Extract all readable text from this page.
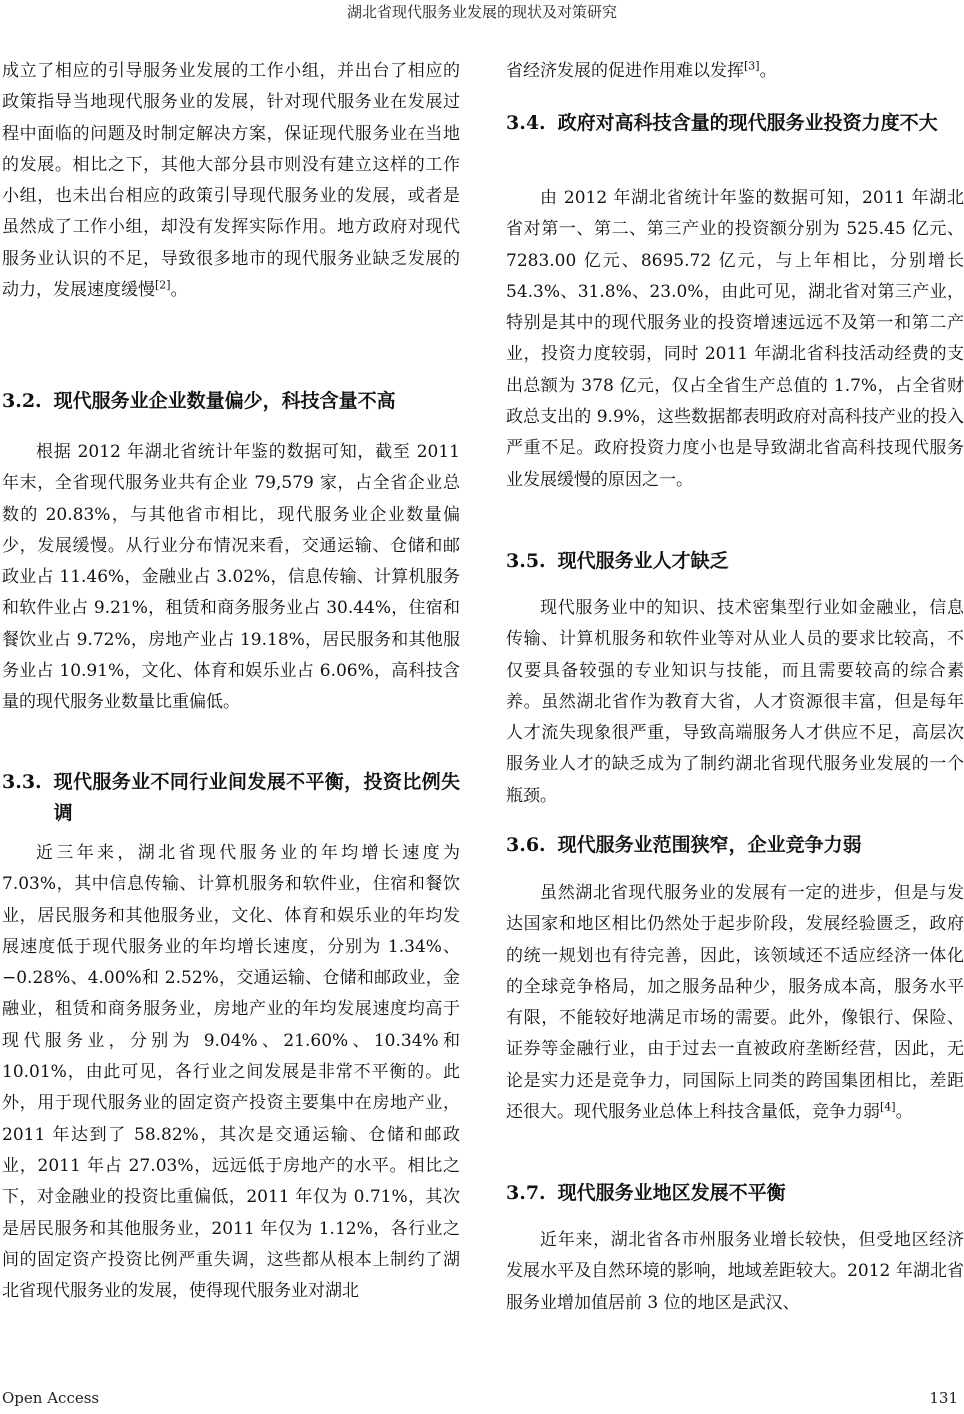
湖北省现代服务业发展的现状及对策研究

成立了相应的引导服务业发展的工作小组，并出台了相应的政策指导当地现代服务业的发展，针对现代服务业在发展过程中面临的问题及时制定解决方案，保证现代服务业在当地的发展。相比之下，其他大部分县市则没有建立这样的工作小组，也未出台相应的政策引导现代服务业的发展，或者是虽然成了工作小组，却没有发挥实际作用。地方政府对现代服务业认识的不足，导致很多地市的现代服务业缺乏发展的动力，发展速度缓慢[2]。

3.2. 现代服务业企业数量偏少，科技含量不高

根据 2012 年湖北省统计年鉴的数据可知，截至 2011 年末，全省现代服务业共有企业 79,579 家，占全省企业总数的 20.83%，与其他省市相比，现代服务业企业数量偏少，发展缓慢。从行业分布情况来看，交通运输、仓储和邮政业占 11.46%，金融业占 3.02%，信息传输、计算机服务和软件业占 9.21%，租赁和商务服务业占 30.44%，住宿和餐饮业占 9.72%，房地产业占 19.18%，居民服务和其他服务业占 10.91%，文化、体育和娱乐业占 6.06%，高科技含量的现代服务业数量比重偏低。

3.3. 现代服务业不同行业间发展不平衡，投资比例失调

近三年来，湖北省现代服务业的年均增长速度为 7.03%，其中信息传输、计算机服务和软件业，住宿和餐饮业，居民服务和其他服务业，文化、体育和娱乐业的年均发展速度低于现代服务业的年均增长速度，分别为 1.34%、−0.28%、4.00%和 2.52%，交通运输、仓储和邮政业，金融业，租赁和商务服务业，房地产业的年均发展速度均高于现代服务业，分别为 9.04%、21.60%、10.34%和 10.01%，由此可见，各行业之间发展是非常不平衡的。此外，用于现代服务业的固定资产投资主要集中在房地产业，2011 年达到了 58.82%，其次是交通运输、仓储和邮政业，2011 年占 27.03%，远远低于房地产的水平。相比之下，对金融业的投资比重偏低，2011 年仅为 0.71%，其次是居民服务和其他服务业，2011 年仅为 1.12%，各行业之间的固定资产投资比例严重失调，这些都从根本上制约了湖北省现代服务业的发展，使得现代服务业对湖北

省经济发展的促进作用难以发挥[3]。

3.4. 政府对高科技含量的现代服务业投资力度不大

由 2012 年湖北省统计年鉴的数据可知，2011 年湖北省对第一、第二、第三产业的投资额分别为 525.45 亿元、7283.00 亿元、8695.72 亿元，与上年相比，分别增长 54.3%、31.8%、23.0%，由此可见，湖北省对第三产业，特别是其中的现代服务业的投资增速远远不及第一和第二产业，投资力度较弱，同时 2011 年湖北省科技活动经费的支出总额为 378 亿元，仅占全省生产总值的 1.7%，占全省财政总支出的 9.9%，这些数据都表明政府对高科技产业的投入严重不足。政府投资力度小也是导致湖北省高科技现代服务业发展缓慢的原因之一。

3.5. 现代服务业人才缺乏

现代服务业中的知识、技术密集型行业如金融业，信息传输、计算机服务和软件业等对从业人员的要求比较高，不仅要具备较强的专业知识与技能，而且需要较高的综合素养。虽然湖北省作为教育大省，人才资源很丰富，但是每年人才流失现象很严重，导致高端服务人才供应不足，高层次服务业人才的缺乏成为了制约湖北省现代服务业发展的一个瓶颈。

3.6. 现代服务业范围狭窄，企业竞争力弱

虽然湖北省现代服务业的发展有一定的进步，但是与发达国家和地区相比仍然处于起步阶段，发展经验匮乏，政府的统一规划也有待完善，因此，该领域还不适应经济一体化的全球竞争格局，加之服务品种少，服务成本高，服务水平有限，不能较好地满足市场的需要。此外，像银行、保险、证券等金融行业，由于过去一直被政府垄断经营，因此，无论是实力还是竞争力，同国际上同类的跨国集团相比，差距还很大。现代服务业总体上科技含量低，竞争力弱[4]。

3.7. 现代服务业地区发展不平衡

近年来，湖北省各市州服务业增长较快，但受地区经济发展水平及自然环境的影响，地域差距较大。2012 年湖北省服务业增加值居前 3 位的地区是武汉、

Open Access	131
